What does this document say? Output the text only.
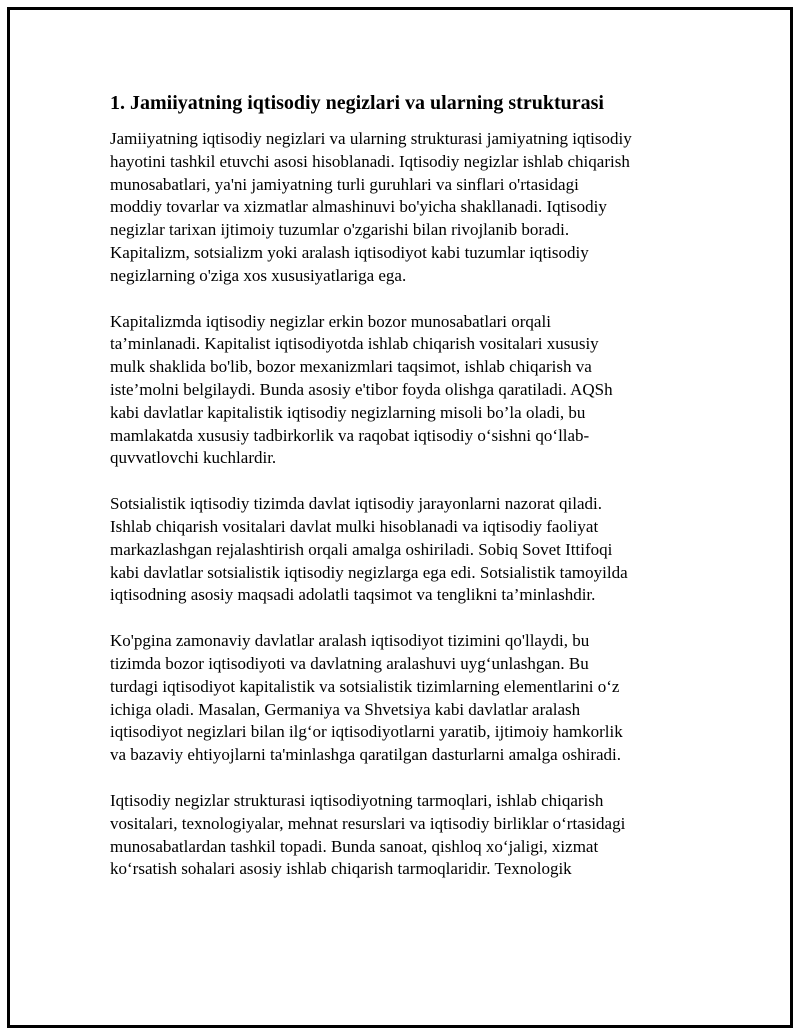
1. Jamiiyatning iqtisodiy negizlari va ularning strukturasi
Jamiiyatning iqtisodiy negizlari va ularning strukturasi jamiyatning iqtisodiy
hayotini tashkil etuvchi asosi hisoblanadi. Iqtisodiy negizlar ishlab chiqarish
munosabatlari, ya'ni jamiyatning turli guruhlari va sinflari o'rtasidagi
moddiy tovarlar va xizmatlar almashinuvi bo'yicha shakllanadi. Iqtisodiy
negizlar tarixan ijtimoiy tuzumlar o'zgarishi bilan rivojlanib boradi.
Kapitalizm, sotsializm yoki aralash iqtisodiyot kabi tuzumlar iqtisodiy
negizlarning o'ziga xos xususiyatlariga ega.
Kapitalizmda iqtisodiy negizlar erkin bozor munosabatlari orqali
ta’minlanadi. Kapitalist iqtisodiyotda ishlab chiqarish vositalari xususiy
mulk shaklida bo'lib, bozor mexanizmlari taqsimot, ishlab chiqarish va
iste’molni belgilaydi. Bunda asosiy e'tibor foyda olishga qaratiladi. AQSh
kabi davlatlar kapitalistik iqtisodiy negizlarning misoli bo’la oladi, bu
mamlakatda xususiy tadbirkorlik va raqobat iqtisodiy o‘sishni qo‘llab-
quvvatlovchi kuchlardir.
Sotsialistik iqtisodiy tizimda davlat iqtisodiy jarayonlarni nazorat qiladi.
Ishlab chiqarish vositalari davlat mulki hisoblanadi va iqtisodiy faoliyat
markazlashgan rejalashtirish orqali amalga oshiriladi. Sobiq Sovet Ittifoqi
kabi davlatlar sotsialistik iqtisodiy negizlarga ega edi. Sotsialistik tamoyilda
iqtisodning asosiy maqsadi adolatli taqsimot va tenglikni ta’minlashdir.
Ko'pgina zamonaviy davlatlar aralash iqtisodiyot tizimini qo'llaydi, bu
tizimda bozor iqtisodiyoti va davlatning aralashuvi uyg‘unlashgan. Bu
turdagi iqtisodiyot kapitalistik va sotsialistik tizimlarning elementlarini o‘z
ichiga oladi. Masalan, Germaniya va Shvetsiya kabi davlatlar aralash
iqtisodiyot negizlari bilan ilg‘or iqtisodiyotlarni yaratib, ijtimoiy hamkorlik
va bazaviy ehtiyojlarni ta'minlashga qaratilgan dasturlarni amalga oshiradi.
Iqtisodiy negizlar strukturasi iqtisodiyotning tarmoqlari, ishlab chiqarish
vositalari, texnologiyalar, mehnat resurslari va iqtisodiy birliklar o‘rtasidagi
munosabatlardan tashkil topadi. Bunda sanoat, qishloq xo‘jaligi, xizmat
ko‘rsatish sohalari asosiy ishlab chiqarish tarmoqlaridir. Texnologik
